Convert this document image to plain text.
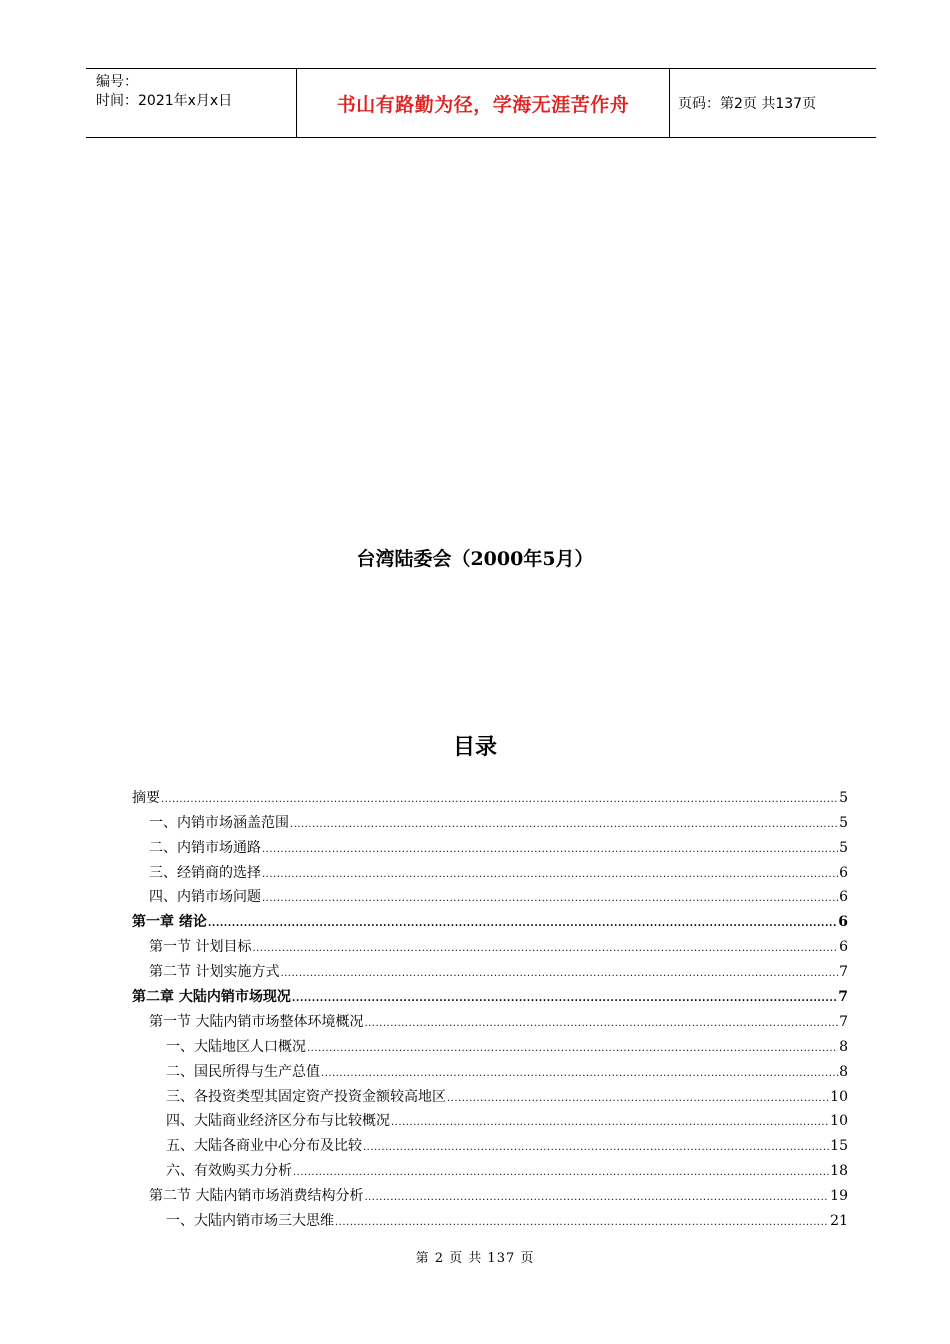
编号：
时间：2021年x月x日	书山有路勤为径，学海无涯苦作舟	页码：第2页 共137页
台湾陆委会（2000年5月）
目录
摘要 .....	5
一、内销市场涵盖范围 .....	5
二、内销市场通路 .....	5
三、经销商的选择 .....	6
四、内销市场问题 .....	6
第一章 绪论 .....	6
第一节 计划目标 .....	6
第二节 计划实施方式 .....	7
第二章 大陆内销市场现况 .....	7
第一节 大陆内销市场整体环境概况 .....	7
一、大陆地区人口概况 .....	8
二、国民所得与生产总值 .....	8
三、各投资类型其固定资产投资金额较高地区 .....	10
四、大陆商业经济区分布与比较概况 .....	10
五、大陆各商业中心分布及比较 .....	15
六、有效购买力分析 .....	18
第二节 大陆内销市场消费结构分析 .....	19
一、大陆内销市场三大思维 .....	21
第 2 页 共 137 页
